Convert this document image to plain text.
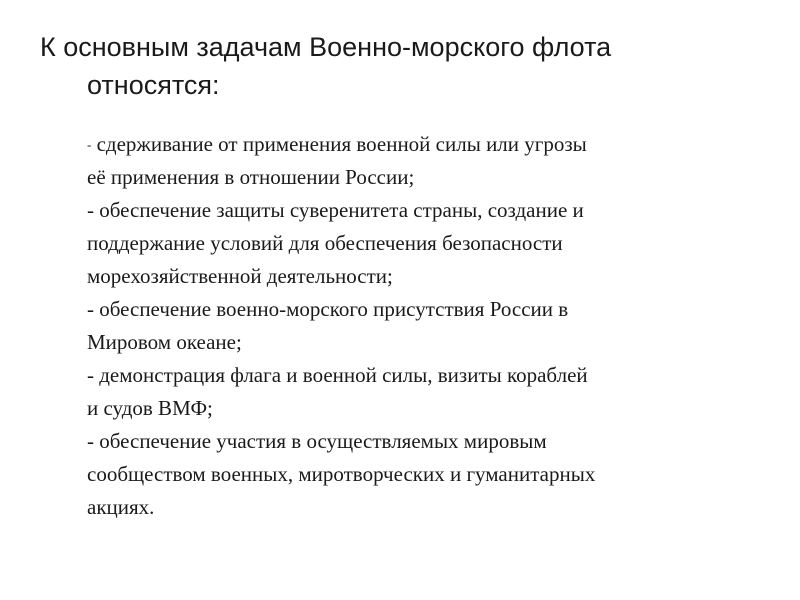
К основным задачам Военно-морского флота
относятся:
- сдерживание от применения военной силы или угрозы
её применения в отношении России;
- обеспечение защиты суверенитета страны, создание и
поддержание условий для обеспечения безопасности
морехозяйственной деятельности;
- обеспечение военно-морского присутствия России в
Мировом океане;
- демонстрация флага и военной силы, визиты кораблей
и судов ВМФ;
- обеспечение участия в осуществляемых мировым
сообществом военных, миротворческих и гуманитарных
акциях.
